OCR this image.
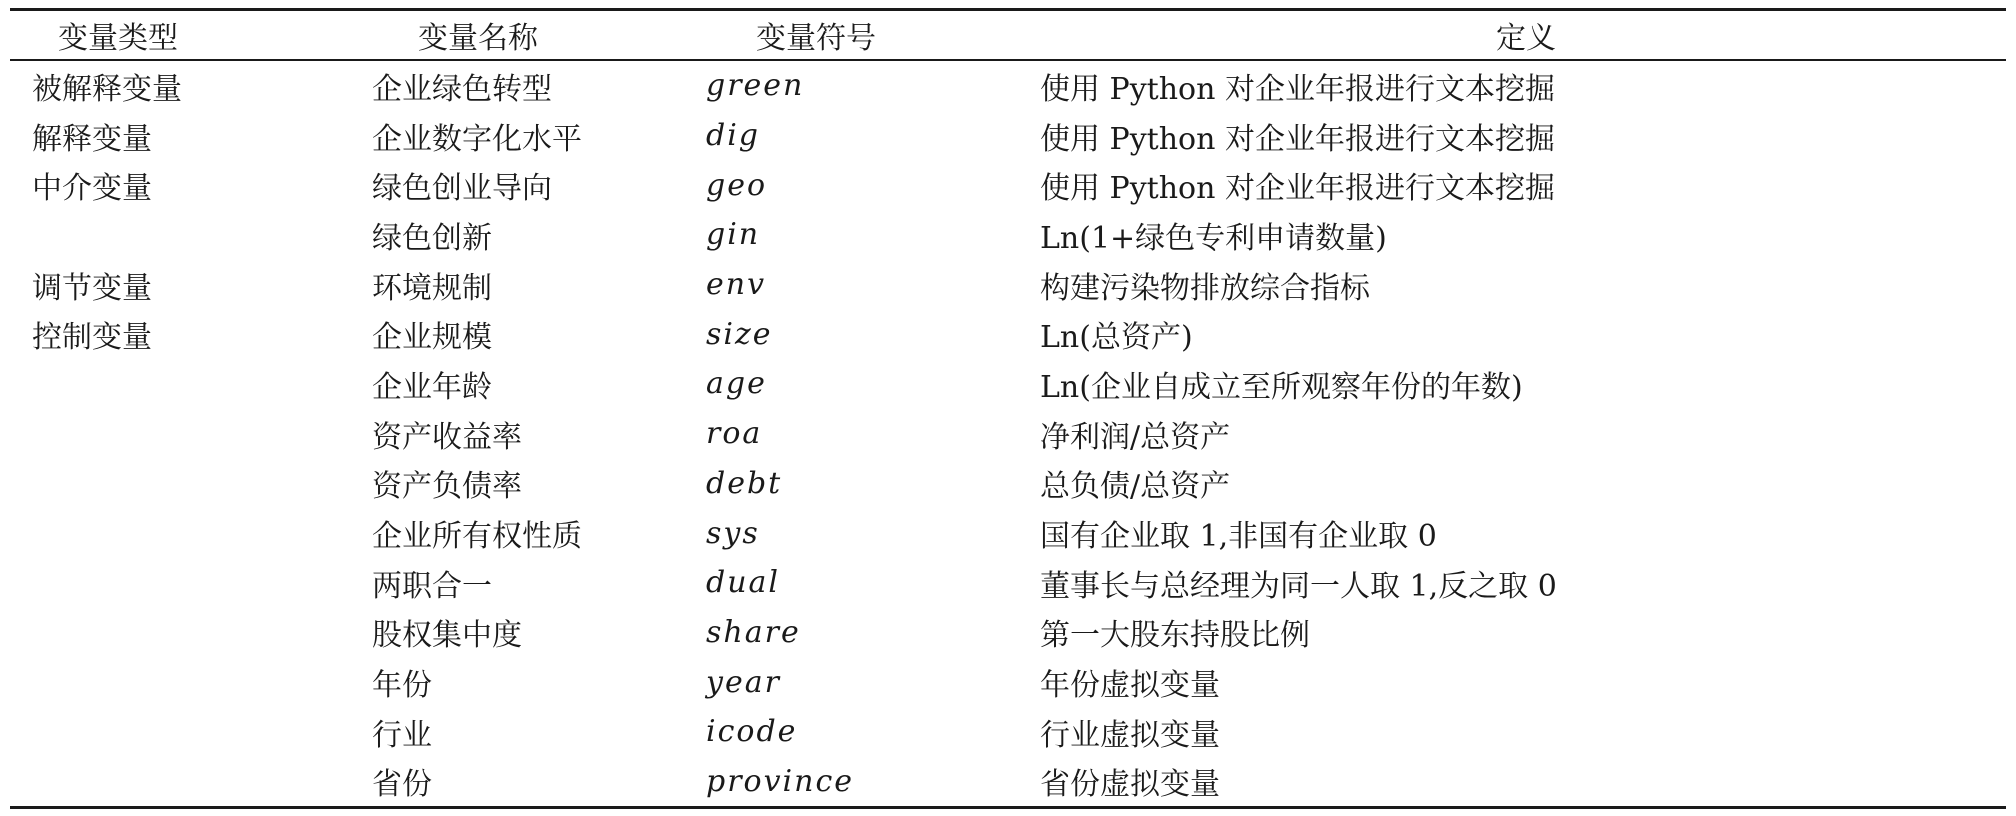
变量类型	变量名称	变量符号	定义
被解释变量	企业绿色转型	green	使用 Python 对企业年报进行文本挖掘
解释变量	企业数字化水平	dig	使用 Python 对企业年报进行文本挖掘
中介变量	绿色创业导向	geo	使用 Python 对企业年报进行文本挖掘
	绿色创新	gin	Ln(1+绿色专利申请数量)
调节变量	环境规制	env	构建污染物排放综合指标
控制变量	企业规模	size	Ln(总资产)
	企业年龄	age	Ln(企业自成立至所观察年份的年数)
	资产收益率	roa	净利润/总资产
	资产负债率	debt	总负债/总资产
	企业所有权性质	sys	国有企业取 1,非国有企业取 0
	两职合一	dual	董事长与总经理为同一人取 1,反之取 0
	股权集中度	share	第一大股东持股比例
	年份	year	年份虚拟变量
	行业	icode	行业虚拟变量
	省份	province	省份虚拟变量
